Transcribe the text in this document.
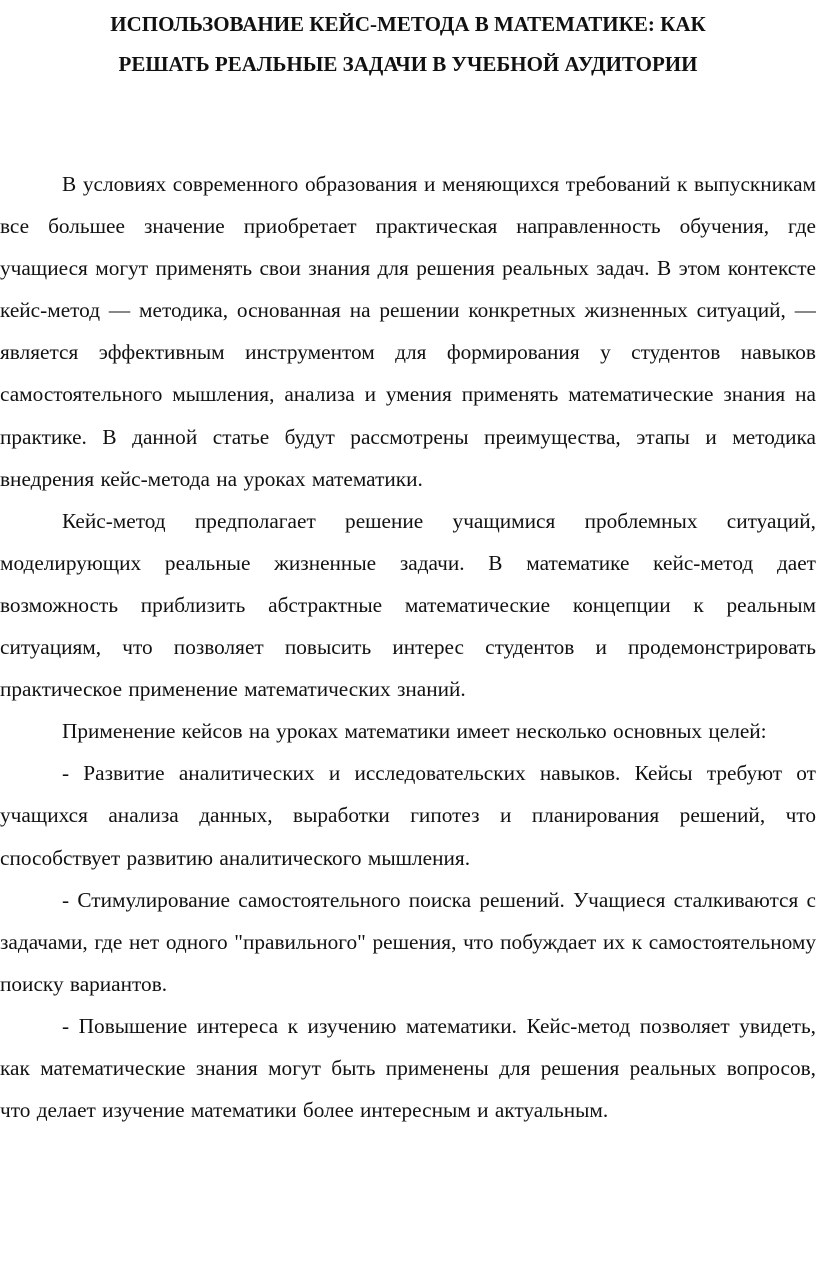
ИСПОЛЬЗОВАНИЕ КЕЙС-МЕТОДА В МАТЕМАТИКЕ: КАК
РЕШАТЬ РЕАЛЬНЫЕ ЗАДАЧИ В УЧЕБНОЙ АУДИТОРИИ

В условиях современного образования и меняющихся требований к выпускникам все большее значение приобретает практическая направленность обучения, где учащиеся могут применять свои знания для решения реальных задач. В этом контексте кейс-метод — методика, основанная на решении конкретных жизненных ситуаций, — является эффективным инструментом для формирования у студентов навыков самостоятельного мышления, анализа и умения применять математические знания на практике. В данной статье будут рассмотрены преимущества, этапы и методика внедрения кейс-метода на уроках математики.

Кейс-метод предполагает решение учащимися проблемных ситуаций, моделирующих реальные жизненные задачи. В математике кейс-метод дает возможность приблизить абстрактные математические концепции к реальным ситуациям, что позволяет повысить интерес студентов и продемонстрировать практическое применение математических знаний.

Применение кейсов на уроках математики имеет несколько основных целей:

- Развитие аналитических и исследовательских навыков. Кейсы требуют от учащихся анализа данных, выработки гипотез и планирования решений, что способствует развитию аналитического мышления.

- Стимулирование самостоятельного поиска решений. Учащиеся сталкиваются с задачами, где нет одного "правильного" решения, что побуждает их к самостоятельному поиску вариантов.

- Повышение интереса к изучению математики. Кейс-метод позволяет увидеть, как математические знания могут быть применены для решения реальных вопросов, что делает изучение математики более интересным и актуальным.
